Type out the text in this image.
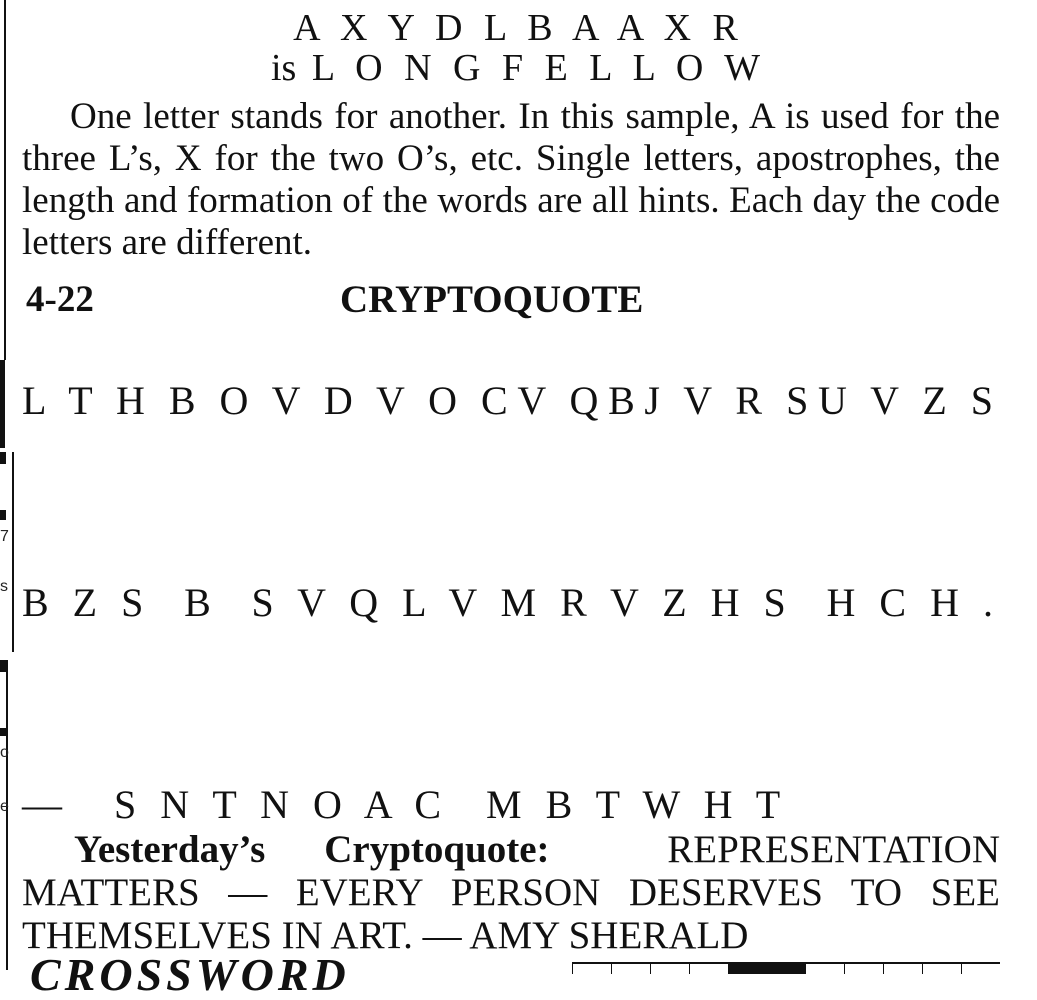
7
s
o
e
A X Y D L B A A X R
is L O N G F E L L O W

One letter stands for another. In this sample, A is used for the three L’s, X for the two O’s, etc. Single letters, apostrophes, the length and formation of the words are all hints. Each day the code letters are different.

4-22	CRYPTOQUOTE
L T H B O V D V O C V Q B J V R S U V Z S
B Z S B S V Q L V M R V Z H S H C H .
— S N T N O A C M B T W H T

Yesterday’s Cryptoquote:	REPRESENTATION MATTERS — EVERY PERSON DESERVES TO SEE THEMSELVES IN ART. — AMY SHERALD

CROSSWORD
